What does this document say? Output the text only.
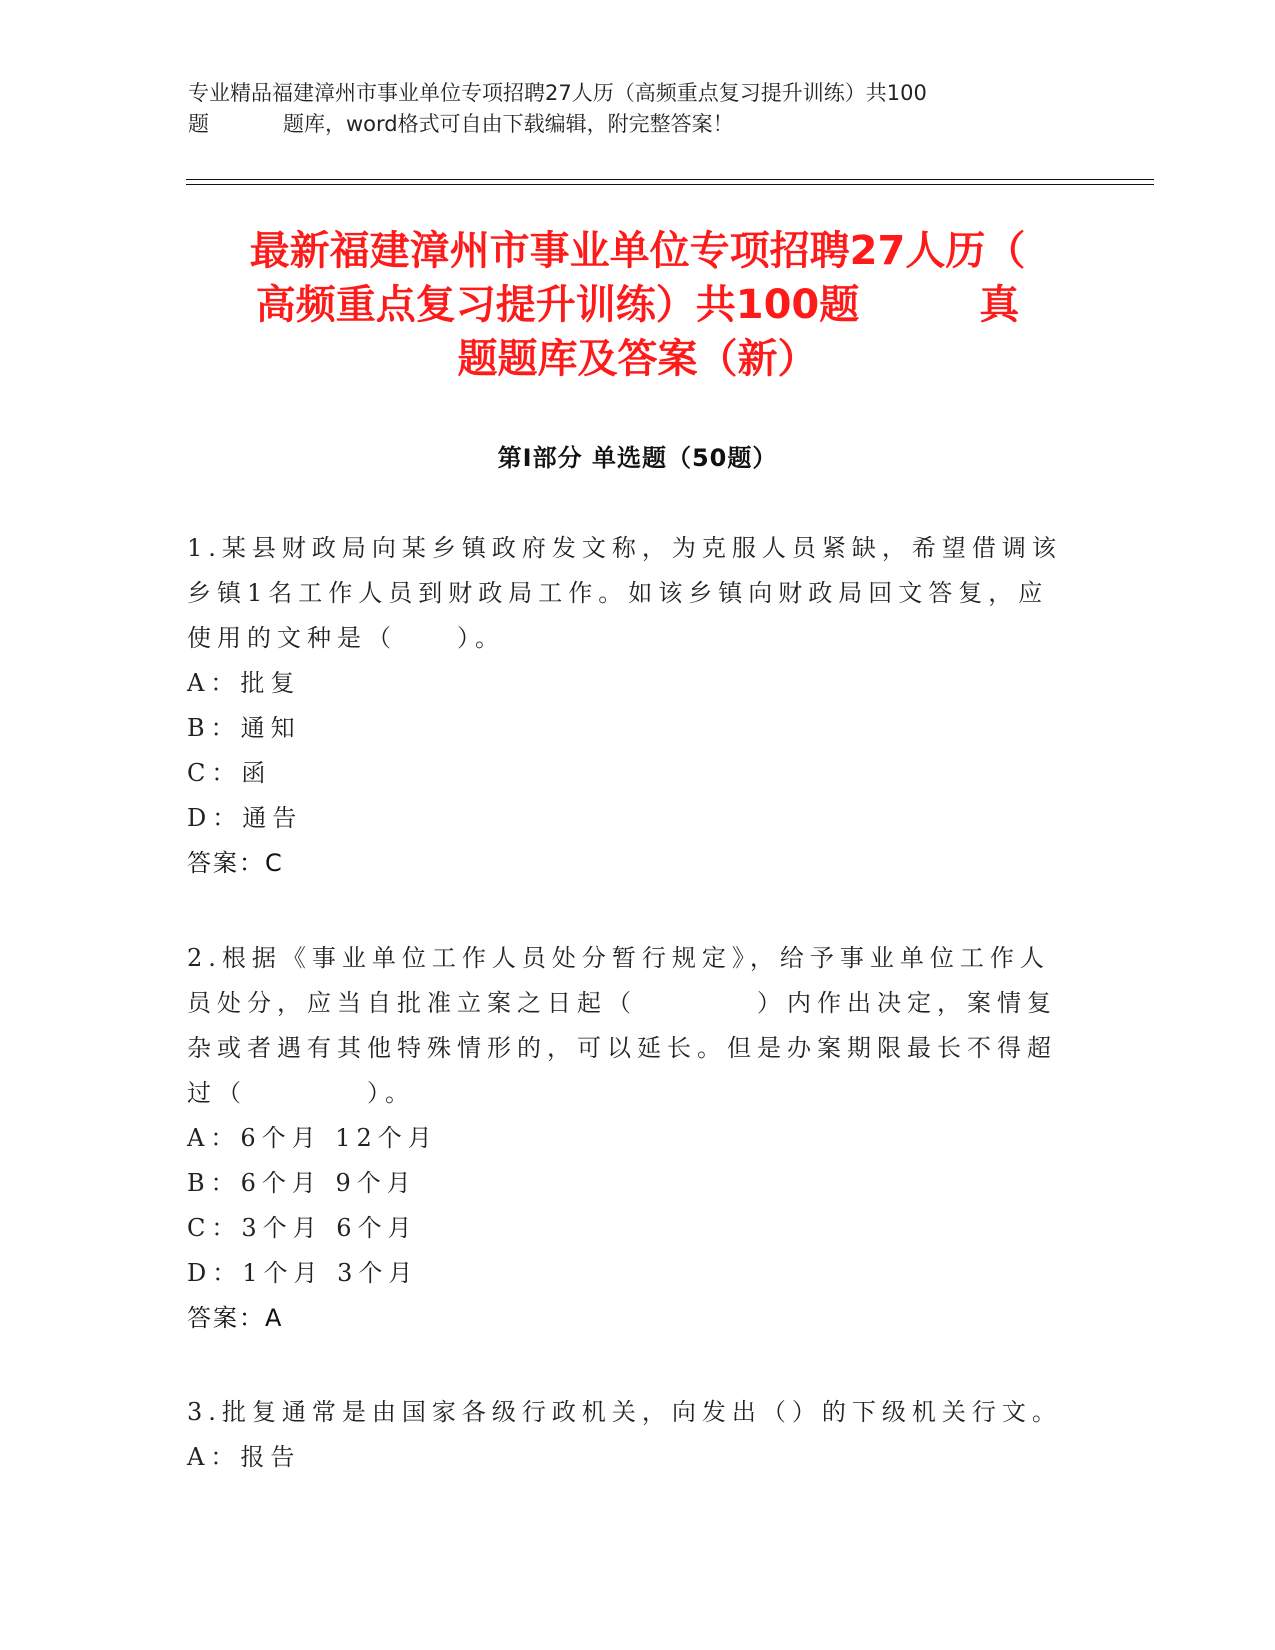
专业精品福建漳州市事业单位专项招聘27人历（高频重点复习提升训练）共100
题	题库，word格式可自由下载编辑，附完整答案！
最新福建漳州市事业单位专项招聘27人历（
高频重点复习提升训练）共100题	真
题题库及答案（新）
第I部分 单选题（50题）

1.某县财政局向某乡镇政府发文称，为克服人员紧缺，希望借调该乡镇1名工作人员到财政局工作。如该乡镇向财政局回文答复，应使用的文种是（　　）。

A：批复

B：通知

C：函

D：通告

答案：C

2.根据《事业单位工作人员处分暂行规定》，给予事业单位工作人员处分，应当自批准立案之日起（　　　　）内作出决定，案情复杂或者遇有其他特殊情形的，可以延长。但是办案期限最长不得超过（　　　　）。

A：6个月 12个月

B：6个月 9个月

C：3个月 6个月

D：1个月 3个月

答案：A

3.批复通常是由国家各级行政机关，向发出（）的下级机关行文。

A：报告
